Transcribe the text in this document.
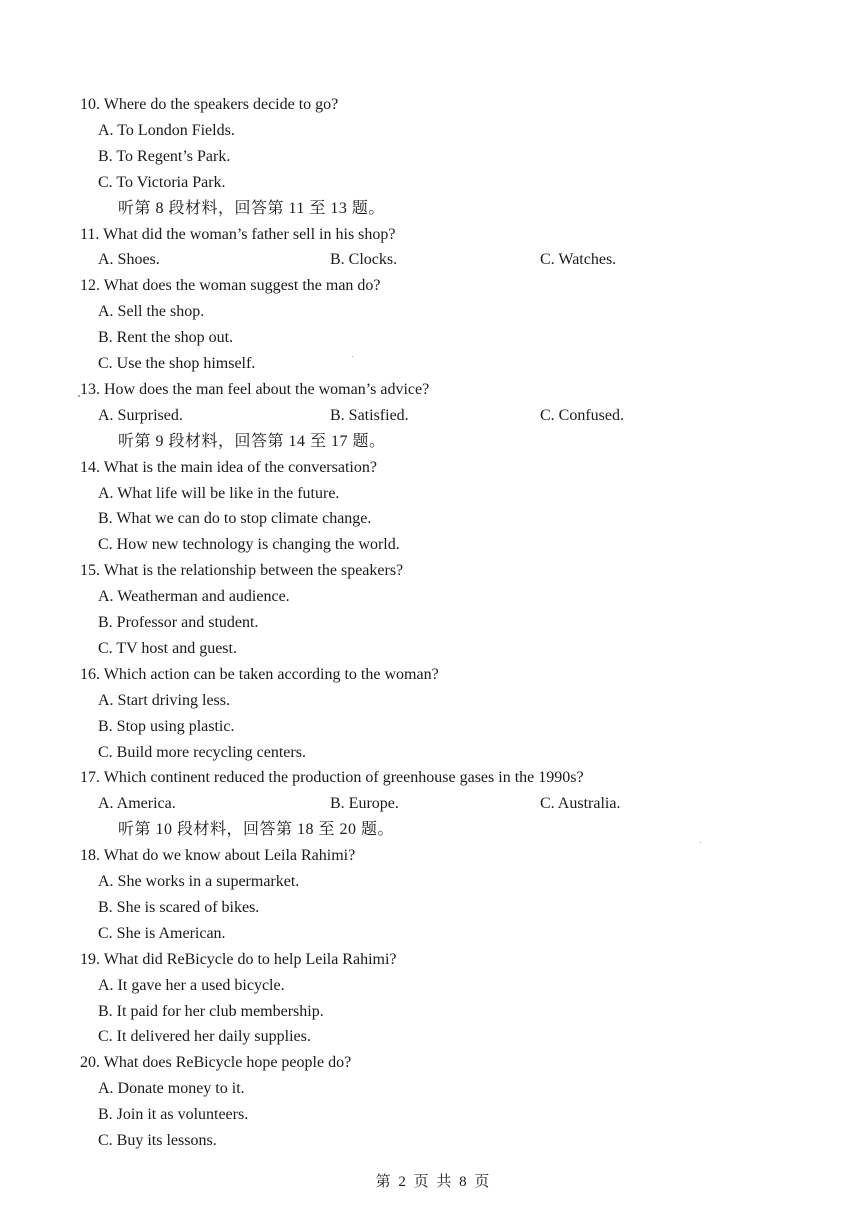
10. Where do the speakers decide to go?
A. To London Fields.
B. To Regent’s Park.
C. To Victoria Park.
听第 8 段材料，回答第 11 至 13 题。
11. What did the woman’s father sell in his shop?
A. Shoes.	B. Clocks.	C. Watches.
12. What does the woman suggest the man do?
A. Sell the shop.
B. Rent the shop out.
C. Use the shop himself.
13. How does the man feel about the woman’s advice?
A. Surprised.	B. Satisfied.	C. Confused.
听第 9 段材料，回答第 14 至 17 题。
14. What is the main idea of the conversation?
A. What life will be like in the future.
B. What we can do to stop climate change.
C. How new technology is changing the world.
15. What is the relationship between the speakers?
A. Weatherman and audience.
B. Professor and student.
C. TV host and guest.
16. Which action can be taken according to the woman?
A. Start driving less.
B. Stop using plastic.
C. Build more recycling centers.
17. Which continent reduced the production of greenhouse gases in the 1990s?
A. America.	B. Europe.	C. Australia.
听第 10 段材料，回答第 18 至 20 题。
18. What do we know about Leila Rahimi?
A. She works in a supermarket.
B. She is scared of bikes.
C. She is American.
19. What did ReBicycle do to help Leila Rahimi?
A. It gave her a used bicycle.
B. It paid for her club membership.
C. It delivered her daily supplies.
20. What does ReBicycle hope people do?
A. Donate money to it.
B. Join it as volunteers.
C. Buy its lessons.
第 2 页 共 8 页
